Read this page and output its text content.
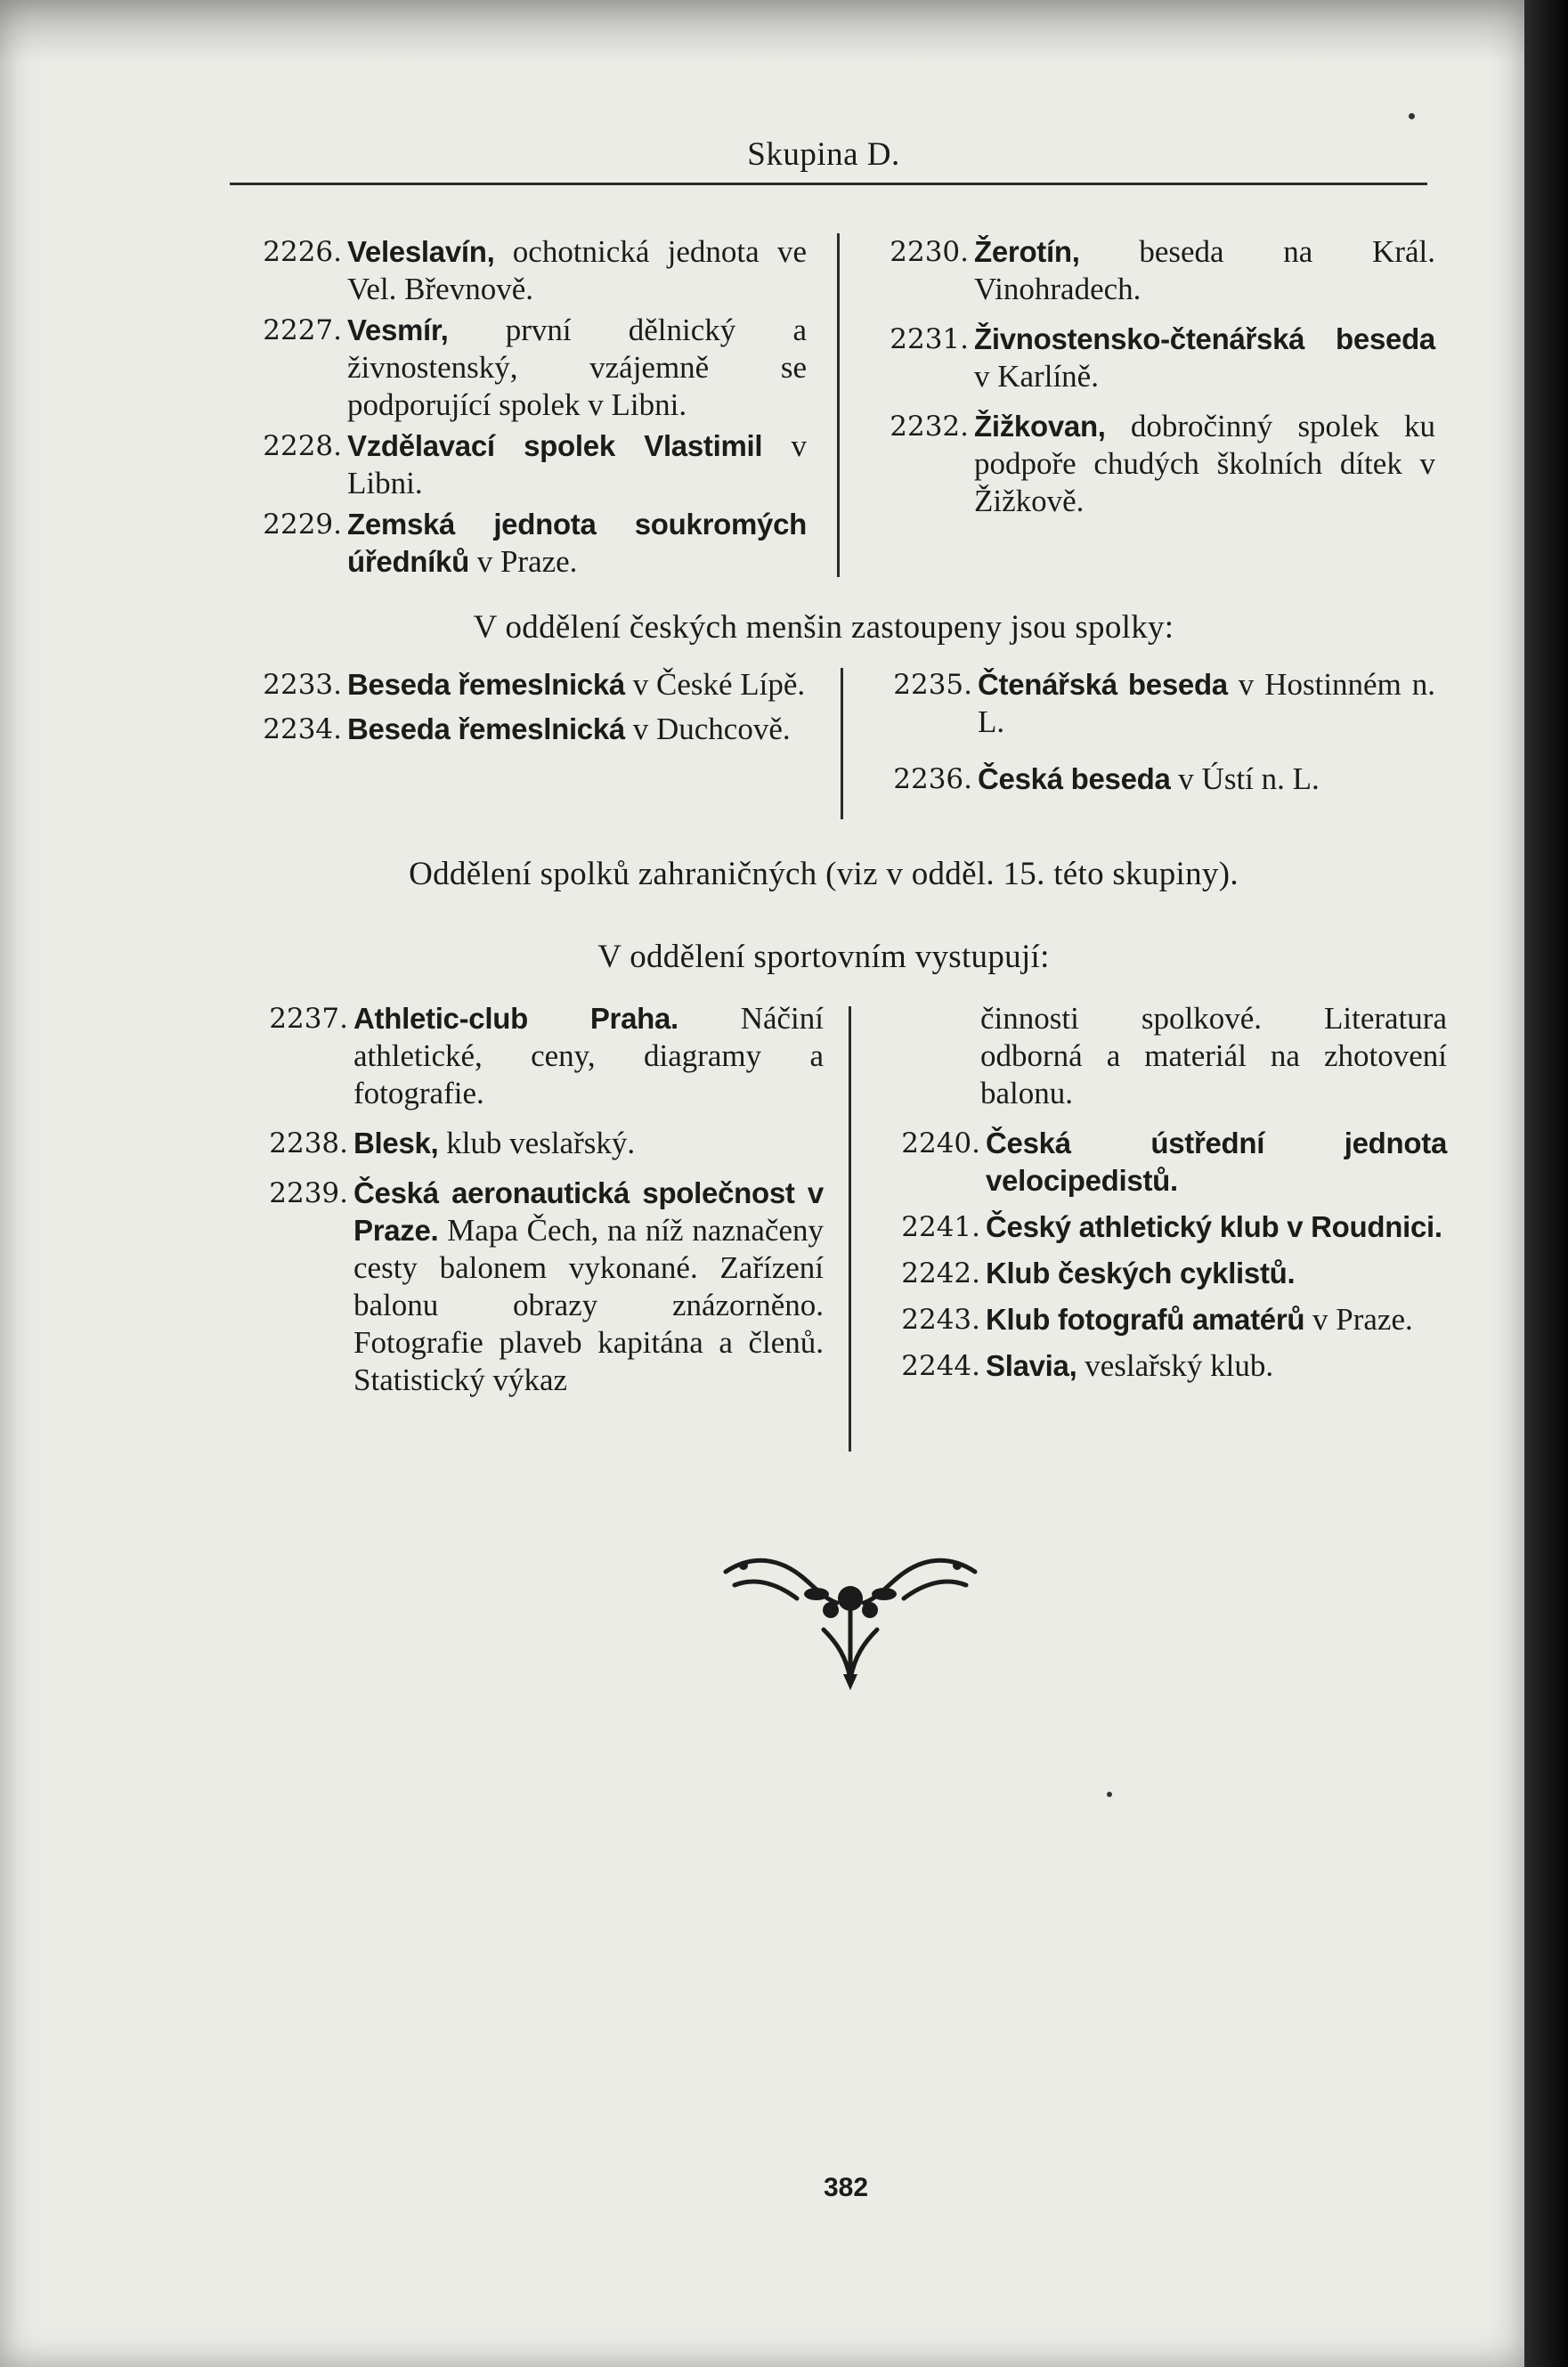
Skupina D.
2226. Veleslavín, ochotnická jednota ve Vel. Břevnově.
2227. Vesmír, první dělnický a živnostenský, vzájemně se podporující spolek v Libni.
2228. Vzdělavací spolek Vlastimil v Libni.
2229. Zemská jednota soukromých úředníků v Praze.
2230. Žerotín, beseda na Král. Vinohradech.
2231. Živnostensko-čtenářská beseda v Karlíně.
2232. Žižkovan, dobročinný spolek ku podpoře chudých školních dítek v Žižkově.
V oddělení českých menšin zastoupeny jsou spolky:
2233. Beseda řemeslnická v České Lípě.
2234. Beseda řemeslnická v Duchcově.
2235. Čtenářská beseda v Hostinném n. L.
2236. Česká beseda v Ústí n. L.
Oddělení spolků zahraničných (viz v odděl. 15. této skupiny).
V oddělení sportovním vystupují:
2237. Athletic-club Praha. Náčiní athletické, ceny, diagramy a fotografie.
2238. Blesk, klub veslařský.
2239. Česká aeronautická společnost v Praze. Mapa Čech, na níž naznačeny cesty balonem vykonané. Zařízení balonu obrazy znázorněno. Fotografie plaveb kapitána a členů. Statistický výkaz
činnosti spolkové. Literatura odborná a materiál na zhotovení balonu.
2240. Česká ústřední jednota velocipedistů.
2241. Český athletický klub v Roudnici.
2242. Klub českých cyklistů.
2243. Klub fotografů amatérů v Praze.
2244. Slavia, veslařský klub.
382
